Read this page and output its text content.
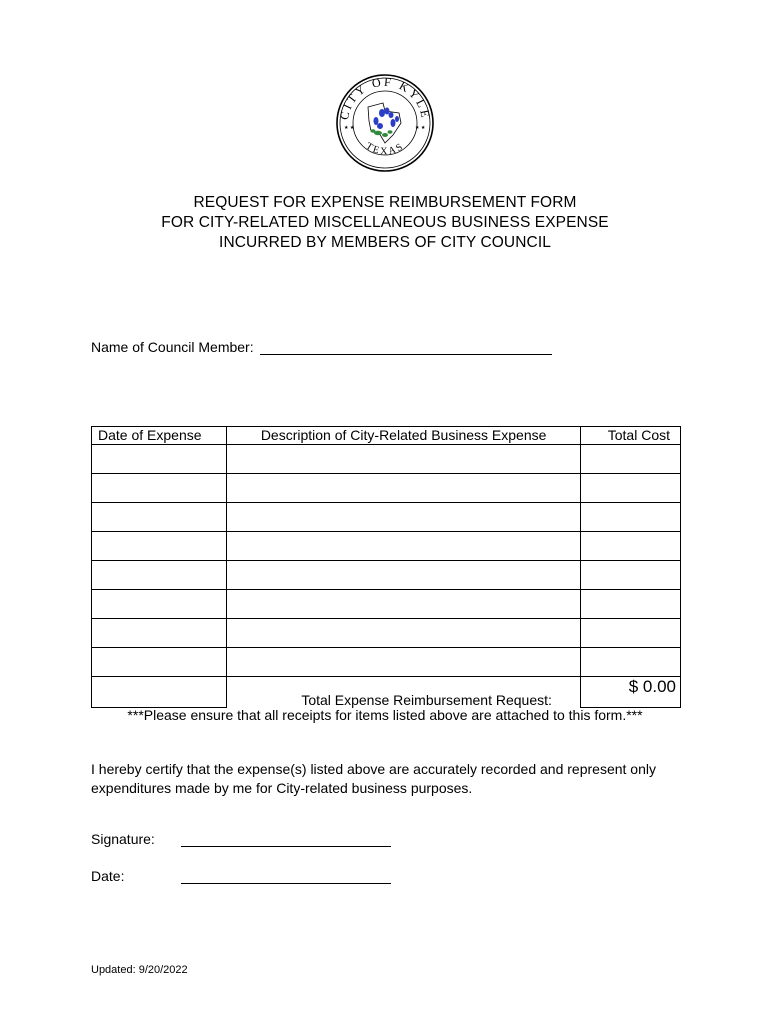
CITY OF KYLE
TEXAS
★ ★	★ ★
REQUEST FOR EXPENSE REIMBURSEMENT FORM
FOR CITY-RELATED MISCELLANEOUS BUSINESS EXPENSE
INCURRED BY MEMBERS OF CITY COUNCIL
Name of Council Member:
Date of Expense	Description of City-Related Business Expense	Total Cost

	Total Expense Reimbursement Request:	$ 0.00
***Please ensure that all receipts for items listed above are attached to this form.***
I hereby certify that the expense(s) listed above are accurately recorded and represent only expenditures made by me for City-related business purposes.
Signature:
Date:
Updated: 9/20/2022
